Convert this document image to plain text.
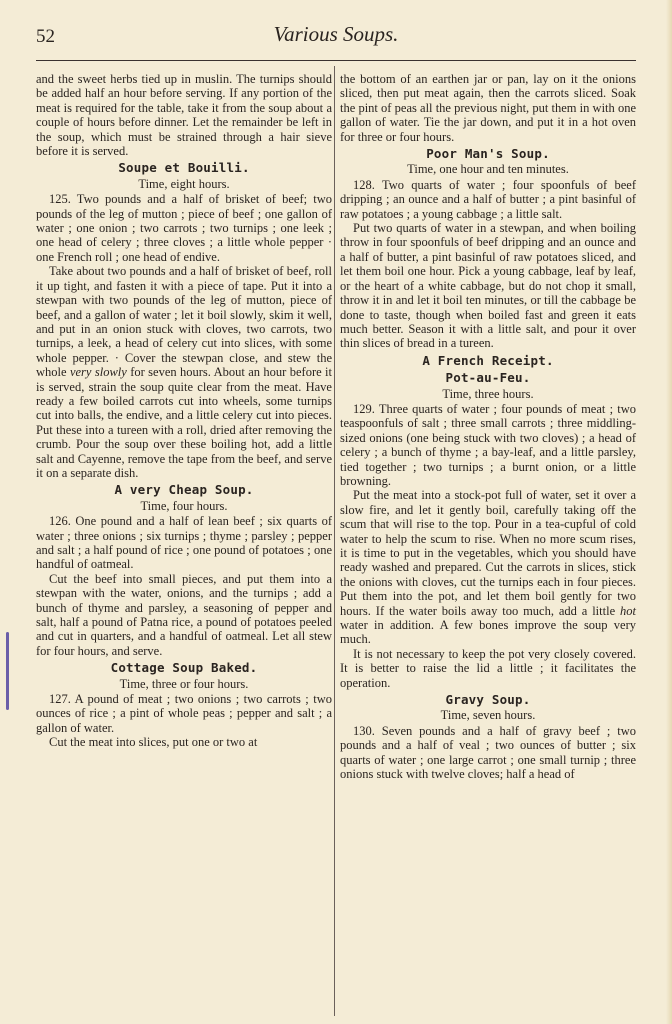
52	Various Soups.

and the sweet herbs tied up in muslin. The turnips should be added half an hour before serving. If any portion of the meat is required for the table, take it from the soup about a couple of hours before dinner. Let the remainder be left in the soup, which must be strained through a hair sieve before it is served.

Soupe et Bouilli.
Time, eight hours.

125. Two pounds and a half of brisket of beef; two pounds of the leg of mutton ; piece of beef ; one gallon of water ; one onion ; two carrots ; two turnips ; one leek ; one head of celery ; three cloves ; a little whole pepper · one French roll ; one head of endive.

Take about two pounds and a half of brisket of beef, roll it up tight, and fasten it with a piece of tape. Put it into a stewpan with two pounds of the leg of mutton, piece of beef, and a gallon of water ; let it boil slowly, skim it well, and put in an onion stuck with cloves, two carrots, two turnips, a leek, a head of celery cut into slices, with some whole pepper. · Cover the stewpan close, and stew the whole very slowly for seven hours. About an hour before it is served, strain the soup quite clear from the meat. Have ready a few boiled carrots cut into wheels, some turnips cut into balls, the endive, and a little celery cut into pieces. Put these into a tureen with a roll, dried after removing the crumb. Pour the soup over these boiling hot, add a little salt and Cayenne, remove the tape from the beef, and serve it on a separate dish.

A very Cheap Soup.
Time, four hours.

126. One pound and a half of lean beef ; six quarts of water ; three onions ; six turnips ; thyme ; parsley ; pepper and salt ; a half pound of rice ; one pound of potatoes ; one handful of oatmeal.

Cut the beef into small pieces, and put them into a stewpan with the water, onions, and the turnips ; add a bunch of thyme and parsley, a seasoning of pepper and salt, half a pound of Patna rice, a pound of potatoes peeled and cut in quarters, and a handful of oatmeal. Let all stew for four hours, and serve.

Cottage Soup Baked.
Time, three or four hours.

127. A pound of meat ; two onions ; two carrots ; two ounces of rice ; a pint of whole peas ; pepper and salt ; a gallon of water.

Cut the meat into slices, put one or two at

the bottom of an earthen jar or pan, lay on it the onions sliced, then put meat again, then the carrots sliced. Soak the pint of peas all the previous night, put them in with one gallon of water. Tie the jar down, and put it in a hot oven for three or four hours.

Poor Man's Soup.
Time, one hour and ten minutes.

128. Two quarts of water ; four spoonfuls of beef dripping ; an ounce and a half of butter ; a pint basinful of raw potatoes ; a young cabbage ; a little salt.

Put two quarts of water in a stewpan, and when boiling throw in four spoonfuls of beef dripping and an ounce and a half of butter, a pint basinful of raw potatoes sliced, and let them boil one hour. Pick a young cabbage, leaf by leaf, or the heart of a white cabbage, but do not chop it small, throw it in and let it boil ten minutes, or till the cabbage be done to taste, though when boiled fast and green it eats much better. Season it with a little salt, and pour it over thin slices of bread in a tureen.

A French Receipt.
Pot-au-Feu.
Time, three hours.

129. Three quarts of water ; four pounds of meat ; two teaspoonfuls of salt ; three small carrots ; three middling-sized onions (one being stuck with two cloves) ; a head of celery ; a bunch of thyme ; a bay-leaf, and a little parsley, tied together ; two turnips ; a burnt onion, or a little browning.

Put the meat into a stock-pot full of water, set it over a slow fire, and let it gently boil, carefully taking off the scum that will rise to the top. Pour in a tea-cupful of cold water to help the scum to rise. When no more scum rises, it is time to put in the vegetables, which you should have ready washed and prepared. Cut the carrots in slices, stick the onions with cloves, cut the turnips each in four pieces. Put them into the pot, and let them boil gently for two hours. If the water boils away too much, add a little hot water in addition. A few bones improve the soup very much.

It is not necessary to keep the pot very closely covered. It is better to raise the lid a little ; it facilitates the operation.

Gravy Soup.
Time, seven hours.

130. Seven pounds and a half of gravy beef ; two pounds and a half of veal ; two ounces of butter ; six quarts of water ; one large carrot ; one small turnip ; three onions stuck with twelve cloves; half a head of
